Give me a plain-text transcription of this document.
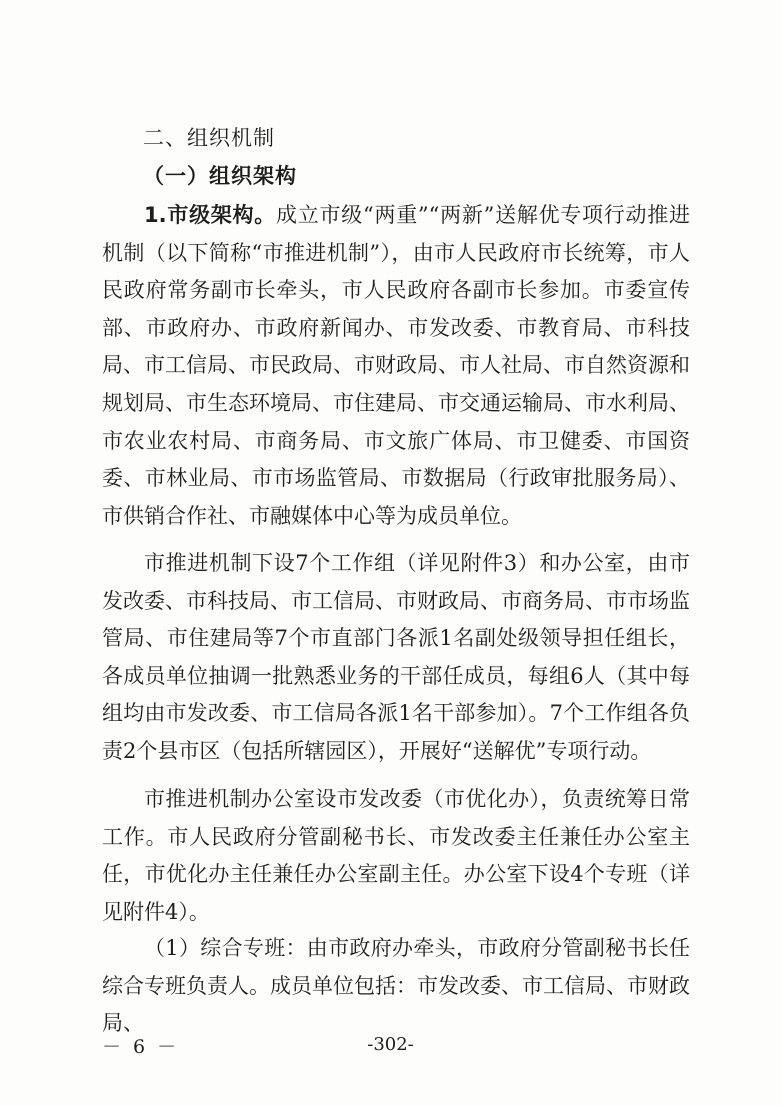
二、组织机制
（一）组织架构
1.市级架构。成立市级“两重”“两新”送解优专项行动推进机制（以下简称“市推进机制”），由市人民政府市长统筹，市人民政府常务副市长牵头，市人民政府各副市长参加。市委宣传部、市政府办、市政府新闻办、市发改委、市教育局、市科技局、市工信局、市民政局、市财政局、市人社局、市自然资源和规划局、市生态环境局、市住建局、市交通运输局、市水利局、市农业农村局、市商务局、市文旅广体局、市卫健委、市国资委、市林业局、市市场监管局、市数据局（行政审批服务局）、市供销合作社、市融媒体中心等为成员单位。
市推进机制下设7个工作组（详见附件3）和办公室，由市发改委、市科技局、市工信局、市财政局、市商务局、市市场监管局、市住建局等7个市直部门各派1名副处级领导担任组长，各成员单位抽调一批熟悉业务的干部任成员，每组6人（其中每组均由市发改委、市工信局各派1名干部参加）。7个工作组各负责2个县市区（包括所辖园区），开展好“送解优”专项行动。
市推进机制办公室设市发改委（市优化办），负责统筹日常工作。市人民政府分管副秘书长、市发改委主任兼任办公室主任，市优化办主任兼任办公室副主任。办公室下设4个专班（详见附件4）。
（1）综合专班：由市政府办牵头，市政府分管副秘书长任综合专班负责人。成员单位包括：市发改委、市工信局、市财政局、
－ 6 －	-302-
